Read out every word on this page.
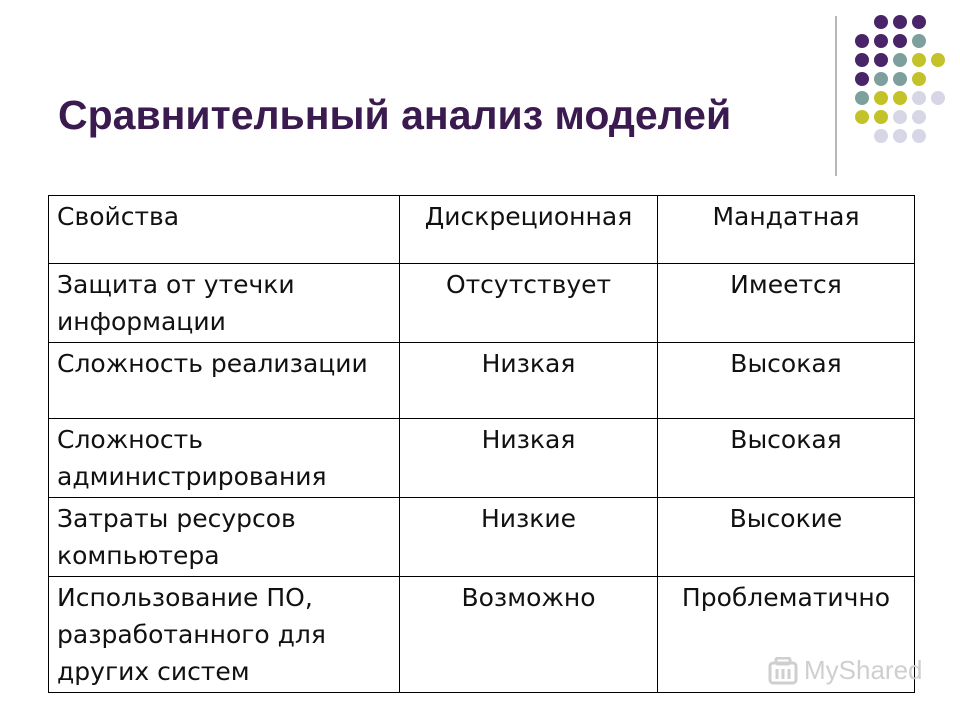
Сравнительный анализ моделей
Свойства	Дискреционная	Мандатная
Защита от утечки информации	Отсутствует	Имеется
Сложность реализации	Низкая	Высокая
Сложность администрирования	Низкая	Высокая
Затраты ресурсов компьютера	Низкие	Высокие
Использование ПО, разработанного для других систем	Возможно	Проблематично
MyShared
